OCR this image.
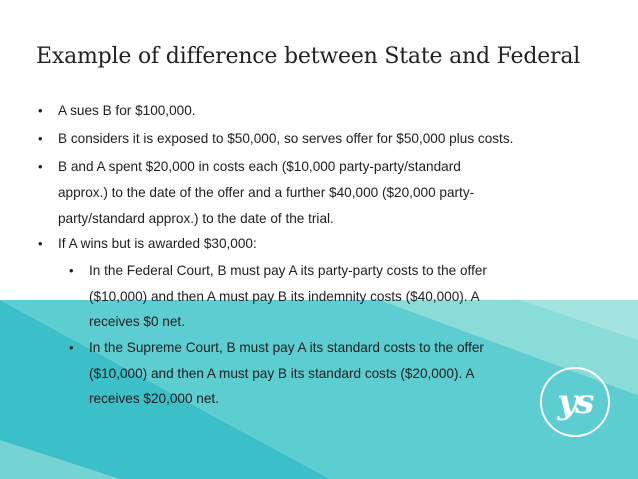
Example of difference between State and Federal
• A sues B for $100,000.
• B considers it is exposed to $50,000, so serves offer for $50,000 plus costs.
• B and A spent $20,000 in costs each ($10,000 party-party/standard
approx.) to the date of the offer and a further $40,000 ($20,000 party-
party/standard approx.) to the date of the trial.
• If A wins but is awarded $30,000:
• In the Federal Court, B must pay A its party-party costs to the offer
($10,000) and then A must pay B its indemnity costs ($40,000). A
receives $0 net.
• In the Supreme Court, B must pay A its standard costs to the offer
($10,000) and then A must pay B its standard costs ($20,000). A
receives $20,000 net.	ys
